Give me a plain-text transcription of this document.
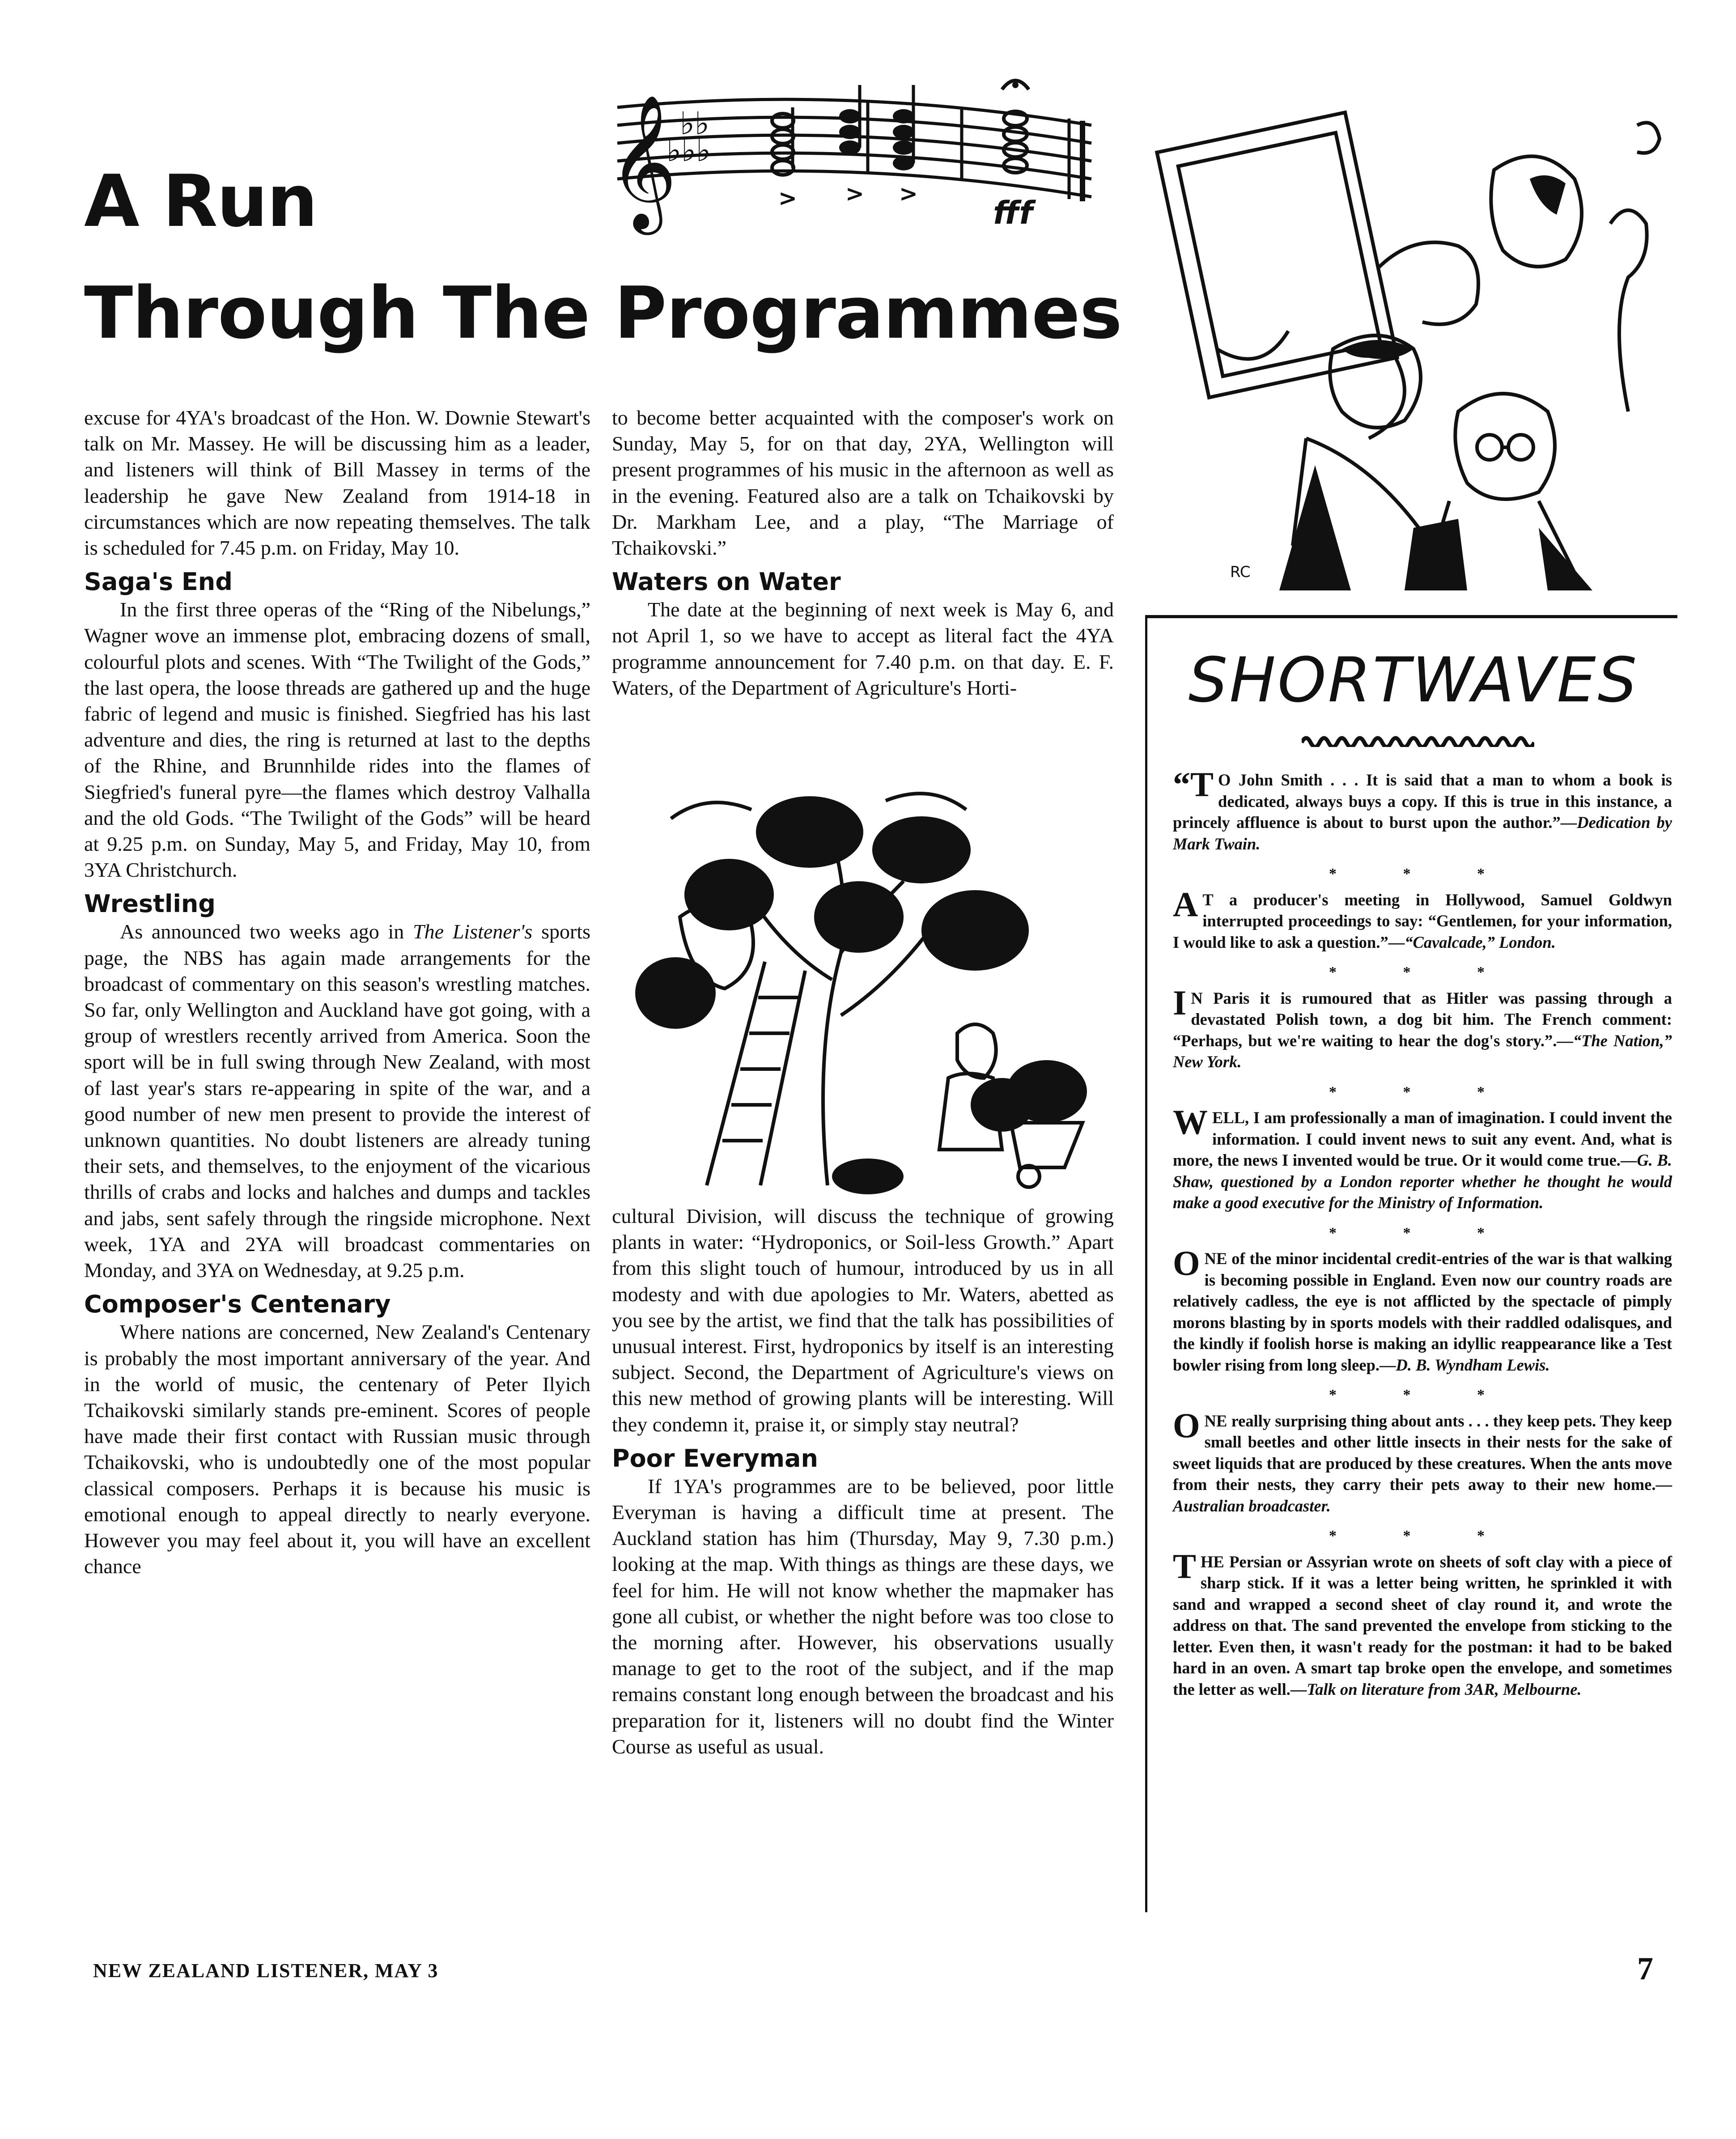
A Run
Through The Programmes
𝄞 ♭♭
♭♭♭
> > >
fff
RC

excuse for 4YA's broadcast of the Hon. W. Downie Stewart's talk on Mr. Massey. He will be discussing him as a leader, and listeners will think of Bill Massey in terms of the leadership he gave New Zealand from 1914-18 in circumstances which are now repeating themselves. The talk is scheduled for 7.45 p.m. on Friday, May 10.

Saga's End

In the first three operas of the “Ring of the Nibelungs,” Wagner wove an immense plot, embracing dozens of small, colourful plots and scenes. With “The Twilight of the Gods,” the last opera, the loose threads are gathered up and the huge fabric of legend and music is finished. Siegfried has his last adventure and dies, the ring is returned at last to the depths of the Rhine, and Brunnhilde rides into the flames of Siegfried's funeral pyre—the flames which destroy Valhalla and the old Gods. “The Twilight of the Gods” will be heard at 9.25 p.m. on Sunday, May 5, and Friday, May 10, from 3YA Christchurch.

Wrestling

As announced two weeks ago in The Listener's sports page, the NBS has again made arrangements for the broadcast of commentary on this season's wrestling matches. So far, only Wellington and Auckland have got going, with a group of wrestlers recently arrived from America. Soon the sport will be in full swing through New Zealand, with most of last year's stars re-appearing in spite of the war, and a good number of new men present to provide the interest of unknown quantities. No doubt listeners are already tuning their sets, and themselves, to the enjoyment of the vicarious thrills of crabs and locks and halches and dumps and tackles and jabs, sent safely through the ringside microphone. Next week, 1YA and 2YA will broadcast commentaries on Monday, and 3YA on Wednesday, at 9.25 p.m.

Composer's Centenary

Where nations are concerned, New Zealand's Centenary is probably the most important anniversary of the year. And in the world of music, the centenary of Peter Ilyich Tchaikovski similarly stands pre-eminent. Scores of people have made their first contact with Russian music through Tchaikovski, who is undoubtedly one of the most popular classical composers. Perhaps it is because his music is emotional enough to appeal directly to nearly everyone. However you may feel about it, you will have an excellent chance

to become better acquainted with the composer's work on Sunday, May 5, for on that day, 2YA, Wellington will present programmes of his music in the afternoon as well as in the evening. Featured also are a talk on Tchaikovski by Dr. Markham Lee, and a play, “The Marriage of Tchaikovski.”

Waters on Water

The date at the beginning of next week is May 6, and not April 1, so we have to accept as literal fact the 4YA programme announcement for 7.40 p.m. on that day. E. F. Waters, of the Department of Agriculture's Horti-

cultural Division, will discuss the technique of growing plants in water: “Hydroponics, or Soil-less Growth.” Apart from this slight touch of humour, introduced by us in all modesty and with due apologies to Mr. Waters, abetted as you see by the artist, we find that the talk has possibilities of unusual interest. First, hydroponics by itself is an interesting subject. Second, the Department of Agriculture's views on this new method of growing plants will be interesting. Will they condemn it, praise it, or simply stay neutral?

Poor Everyman

If 1YA's programmes are to be believed, poor little Everyman is having a difficult time at present. The Auckland station has him (Thursday, May 9, 7.30 p.m.) looking at the map. With things as things are these days, we feel for him. He will not know whether the mapmaker has gone all cubist, or whether the night before was too close to the morning after. However, his observations usually manage to get to the root of the subject, and if the map remains constant long enough between the broadcast and his preparation for it, listeners will no doubt find the Winter Course as useful as usual.

SHORTWAVES

“T O John Smith . . . It is said that a man to whom a book is dedicated, always buys a copy. If this is true in this instance, a princely affluence is about to burst upon the author.”—Dedication by Mark Twain.

* * *

A T a producer's meeting in Hollywood, Samuel Goldwyn interrupted proceedings to say: “Gentlemen, for your information, I would like to ask a question.”—“Cavalcade,” London.

* * *

I N Paris it is rumoured that as Hitler was passing through a devastated Polish town, a dog bit him. The French comment: “Perhaps, but we're waiting to hear the dog's story.”.—“The Nation,” New York.

* * *

WELL, I am professionally a man of imagination. I could invent the information. I could invent news to suit any event. And, what is more, the news I invented would be true. Or it would come true.—G. B. Shaw, questioned by a London reporter whether he thought he would make a good executive for the Ministry of Information.

* * *

ONE of the minor incidental credit-entries of the war is that walking is becoming possible in England. Even now our country roads are relatively cadless, the eye is not afflicted by the spectacle of pimply morons blasting by in sports models with their raddled odalisques, and the kindly if foolish horse is making an idyllic reappearance like a Test bowler rising from long sleep.—D. B. Wyndham Lewis.

* * *

ONE really surprising thing about ants . . . they keep pets. They keep small beetles and other little insects in their nests for the sake of sweet liquids that are produced by these creatures. When the ants move from their nests, they carry their pets away to their new home.—Australian broadcaster.

* * *

THE Persian or Assyrian wrote on sheets of soft clay with a piece of sharp stick. If it was a letter being written, he sprinkled it with sand and wrapped a second sheet of clay round it, and wrote the address on that. The sand prevented the envelope from sticking to the letter. Even then, it wasn't ready for the postman: it had to be baked hard in an oven. A smart tap broke open the envelope, and sometimes the letter as well.—Talk on literature from 3AR, Melbourne.

NEW ZEALAND LISTENER, MAY 3	7
